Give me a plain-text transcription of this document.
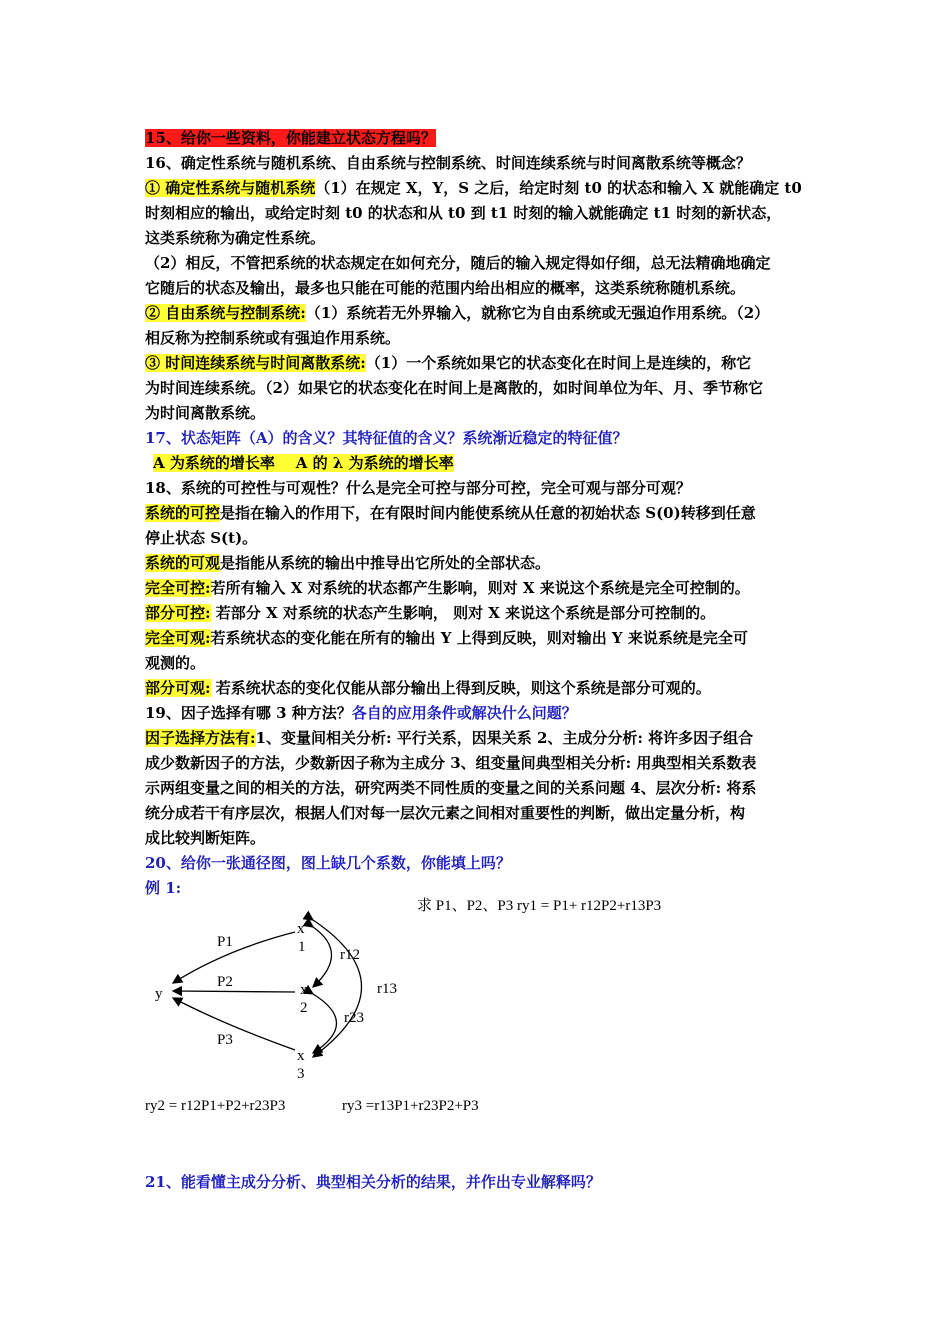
15、给你一些资料，你能建立状态方程吗？
16、确定性系统与随机系统、自由系统与控制系统、时间连续系统与时间离散系统等概念？
① 确定性系统与随机系统（1）在规定 X，Y，S 之后，给定时刻 t0 的状态和输入 X 就能确定 t0
时刻相应的输出，或给定时刻 t0 的状态和从 t0 到 t1 时刻的输入就能确定 t1 时刻的新状态，
这类系统称为确定性系统。
（2）相反，不管把系统的状态规定在如何充分，随后的输入规定得如仔细，总无法精确地确定
它随后的状态及输出，最多也只能在可能的范围内给出相应的概率，这类系统称随机系统。
② 自由系统与控制系统:（1）系统若无外界输入，就称它为自由系统或无强迫作用系统。（2）
相反称为控制系统或有强迫作用系统。
③ 时间连续系统与时间离散系统:（1）一个系统如果它的状态变化在时间上是连续的，称它
为时间连续系统。（2）如果它的状态变化在时间上是离散的，如时间单位为年、月、季节称它
为时间离散系统。
17、状态矩阵（A）的含义？其特征值的含义？系统渐近稳定的特征值？
A 为系统的增长率 A 的 λ 为系统的增长率
18、系统的可控性与可观性？什么是完全可控与部分可控，完全可观与部分可观？
系统的可控是指在输入的作用下，在有限时间内能使系统从任意的初始状态 S(0)转移到任意
停止状态 S(t)。
系统的可观是指能从系统的输出中推导出它所处的全部状态。
完全可控:若所有输入 X 对系统的状态都产生影响，则对 X 来说这个系统是完全可控制的。
部分可控: 若部分 X 对系统的状态产生影响， 则对 X 来说这个系统是部分可控制的。
完全可观:若系统状态的变化能在所有的输出 Y 上得到反映，则对输出 Y 来说系统是完全可
观测的。
部分可观: 若系统状态的变化仅能从部分输出上得到反映，则这个系统是部分可观的。
19、因子选择有哪 3 种方法？各自的应用条件或解决什么问题？
因子选择方法有:1、变量间相关分析: 平行关系，因果关系 2、主成分分析: 将许多因子组合
成少数新因子的方法，少数新因子称为主成分 3、组变量间典型相关分析: 用典型相关系数表
示两组变量之间的相关的方法，研究两类不同性质的变量之间的关系问题 4、层次分析: 将系
统分成若干有序层次，根据人们对每一层次元素之间相对重要性的判断，做出定量分析，构
成比较判断矩阵。
20、给你一张通径图，图上缺几个系数，你能填上吗？
例 1:
求 P1、P2、P3 ry1 = P1+ r12P2+r13P3
y
x
1
x
2
x
3
P1
P2
P3
r12
r13
r23
ry2 = r12P1+P2+r23P3	ry3 =r13P1+r23P2+P3
21、能看懂主成分分析、典型相关分析的结果，并作出专业解释吗？
